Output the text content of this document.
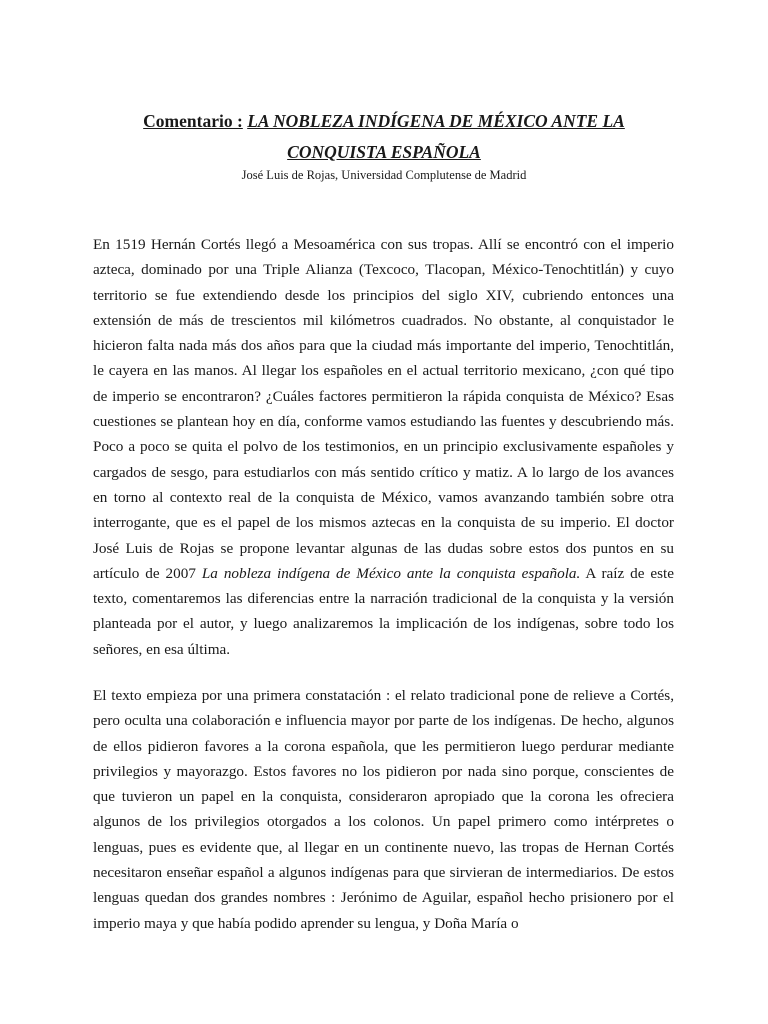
Comentario : LA NOBLEZA INDÍGENA DE MÉXICO ANTE LA
CONQUISTA ESPAÑOLA
José Luis de Rojas, Universidad Complutense de Madrid

En 1519 Hernán Cortés llegó a Mesoamérica con sus tropas. Allí se encontró con el imperio azteca, dominado por una Triple Alianza (Texcoco, Tlacopan, México-Tenochtitlán) y cuyo territorio se fue extendiendo desde los principios del siglo XIV, cubriendo entonces una extensión de más de trescientos mil kilómetros cuadrados. No obstante, al conquistador le hicieron falta nada más dos años para que la ciudad más importante del imperio, Tenochtitlán, le cayera en las manos. Al llegar los españoles en el actual territorio mexicano, ¿con qué tipo de imperio se encontraron? ¿Cuáles factores permitieron la rápida conquista de México? Esas cuestiones se plantean hoy en día, conforme vamos estudiando las fuentes y descubriendo más. Poco a poco se quita el polvo de los testimonios, en un principio exclusivamente españoles y cargados de sesgo, para estudiarlos con más sentido crítico y matiz. A lo largo de los avances en torno al contexto real de la conquista de México, vamos avanzando también sobre otra interrogante, que es el papel de los mismos aztecas en la conquista de su imperio. El doctor José Luis de Rojas se propone levantar algunas de las dudas sobre estos dos puntos en su artículo de 2007 La nobleza indígena de México ante la conquista española. A raíz de este texto, comentaremos las diferencias entre la narración tradicional de la conquista y la versión planteada por el autor, y luego analizaremos la implicación de los indígenas, sobre todo los señores, en esa última.

El texto empieza por una primera constatación : el relato tradicional pone de relieve a Cortés, pero oculta una colaboración e influencia mayor por parte de los indígenas. De hecho, algunos de ellos pidieron favores a la corona española, que les permitieron luego perdurar mediante privilegios y mayorazgo. Estos favores no los pidieron por nada sino porque, conscientes de que tuvieron un papel en la conquista, consideraron apropiado que la corona les ofreciera algunos de los privilegios otorgados a los colonos. Un papel primero como intérpretes o lenguas, pues es evidente que, al llegar en un continente nuevo, las tropas de Hernan Cortés necesitaron enseñar español a algunos indígenas para que sirvieran de intermediarios. De estos lenguas quedan dos grandes nombres : Jerónimo de Aguilar, español hecho prisionero por el imperio maya y que había podido aprender su lengua, y Doña María o
